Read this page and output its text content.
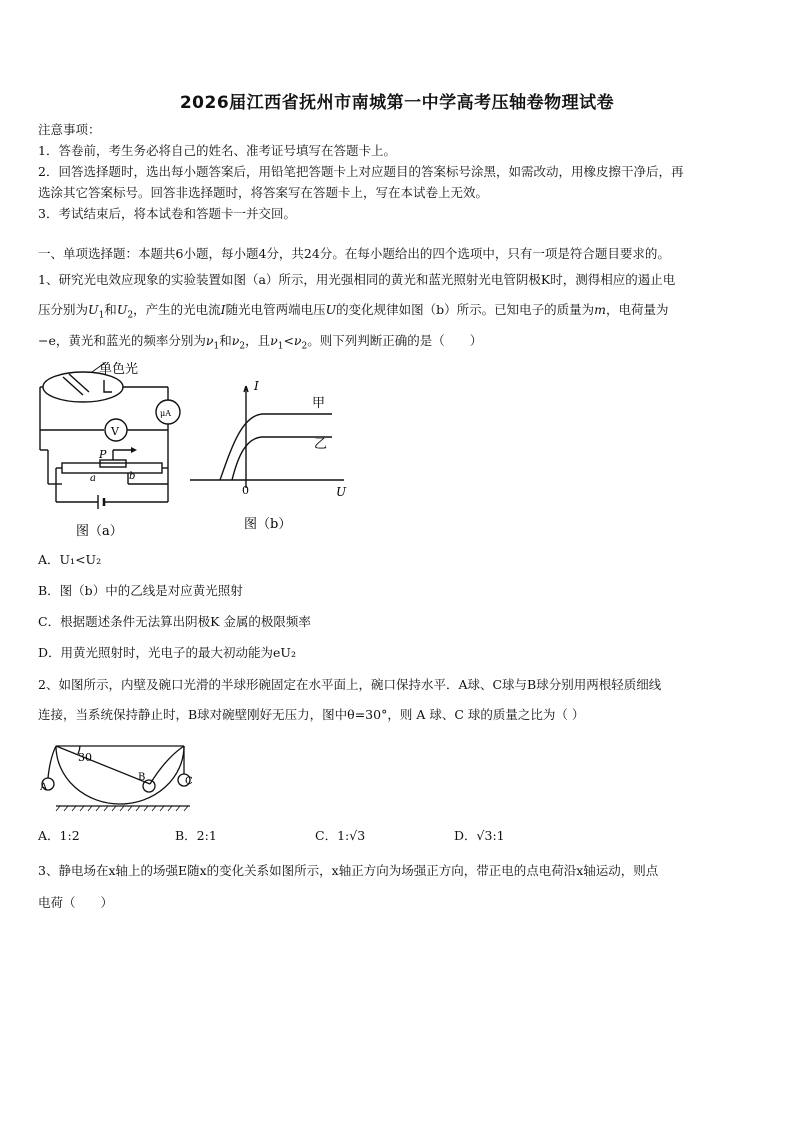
2026届江西省抚州市南城第一中学高考压轴卷物理试卷
注意事项：
1．答卷前，考生务必将自己的姓名、准考证号填写在答题卡上。
2．回答选择题时，选出每小题答案后，用铅笔把答题卡上对应题目的答案标号涂黑，如需改动，用橡皮擦干净后，再
选涂其它答案标号。回答非选择题时，将答案写在答题卡上，写在本试卷上无效。
3．考试结束后，将本试卷和答题卡一并交回。
一、单项选择题：本题共6小题，每小题4分，共24分。在每小题给出的四个选项中，只有一项是符合题目要求的。
1、研究光电效应现象的实验装置如图（a）所示，用光强相同的黄光和蓝光照射光电管阴极K时，测得相应的遏止电
压分别为$U_1$和$U_2$，产生的光电流I随光电管两端电压U的变化规律如图（b）所示。已知电子的质量为m，电荷量为
−e，黄光和蓝光的频率分别为$\nu_1$和$\nu_2$，且$\nu_1<\nu_2$。则下列判断正确的是（　　）
单色光
μA
V
P
a	b
图（a）
I
U
0
甲
乙
图（b）
A．U₁<U₂
B．图（b）中的乙线是对应黄光照射
C．根据题述条件无法算出阴极K 金属的极限频率
D．用黄光照射时，光电子的最大初动能为eU₂
2、如图所示，内壁及碗口光滑的半球形碗固定在水平面上，碗口保持水平．A球、C球与B球分别用两根轻质细线
连接，当系统保持静止时，B球对碗壁刚好无压力，图中θ=30°，则 A 球、C 球的质量之比为（ ）
30
A
B	C
A．1:2	B．2:1	C．1:√3	D．√3:1
3、静电场在x轴上的场强E随x的变化关系如图所示，x轴正方向为场强正方向，带正电的点电荷沿x轴运动，则点
电荷（　　）
